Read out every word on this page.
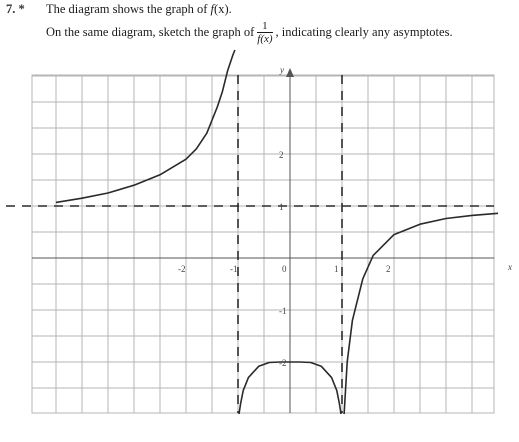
7. * The diagram shows the graph of f(x).
On the same diagram, sketch the graph of $\frac{1}{f(x)}$ , indicating clearly any asymptotes.
-2	-1	0	1	2
2
1
-1
-2
x
y
